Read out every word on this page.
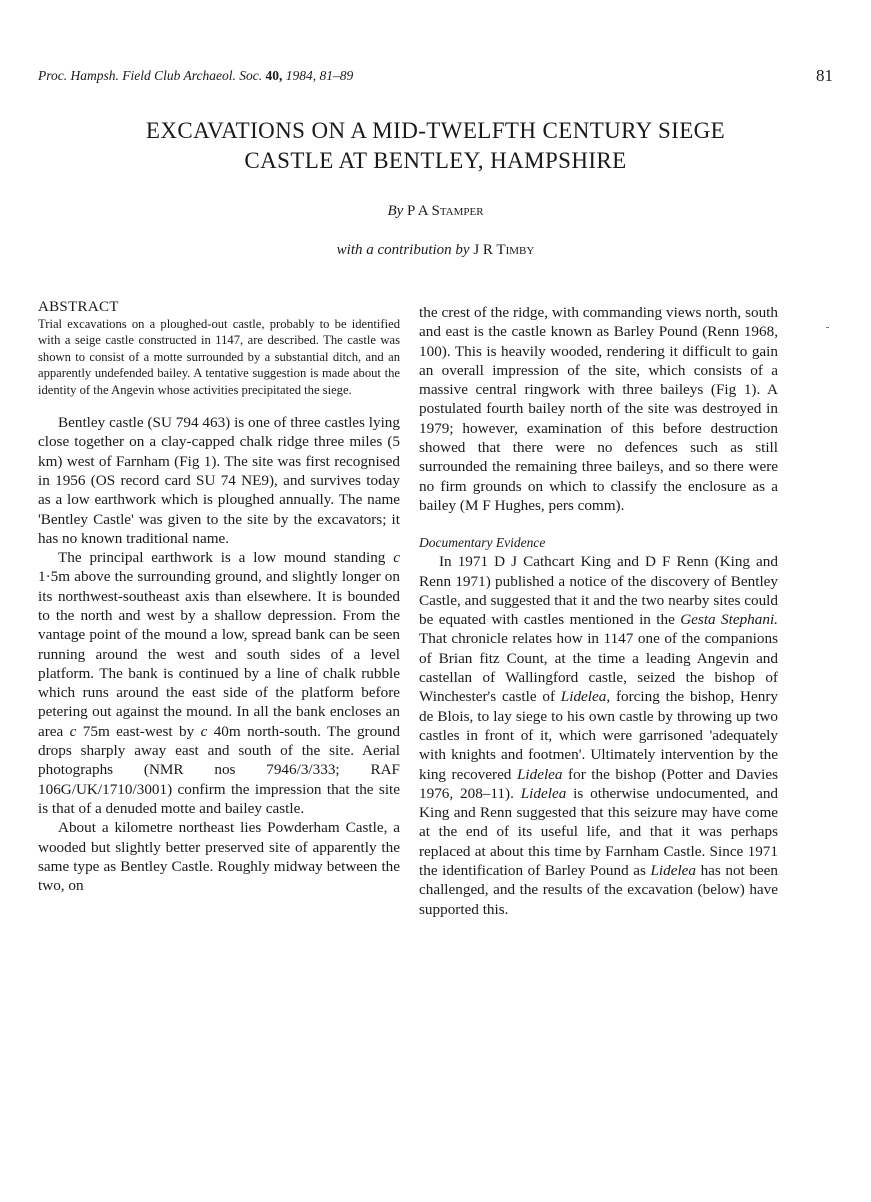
Proc. Hampsh. Field Club Archaeol. Soc. 40, 1984, 81–89	81
EXCAVATIONS ON A MID-TWELFTH CENTURY SIEGE
CASTLE AT BENTLEY, HAMPSHIRE
By P A Stamper
with a contribution by J R Timby
ABSTRACT

Trial excavations on a ploughed-out castle, probably to be identified with a seige castle constructed in 1147, are described. The castle was shown to consist of a motte surrounded by a substantial ditch, and an apparently undefended bailey. A tentative suggestion is made about the identity of the Angevin whose activities precipitated the siege.

Bentley castle (SU 794 463) is one of three castles lying close together on a clay-capped chalk ridge three miles (5 km) west of Farnham (Fig 1). The site was first recognised in 1956 (OS record card SU 74 NE9), and survives today as a low earthwork which is ploughed annually. The name 'Bentley Castle' was given to the site by the excavators; it has no known traditional name.

The principal earthwork is a low mound standing c 1·5m above the surrounding ground, and slightly longer on its northwest-southeast axis than elsewhere. It is bounded to the north and west by a shallow depression. From the vantage point of the mound a low, spread bank can be seen running around the west and south sides of a level platform. The bank is continued by a line of chalk rubble which runs around the east side of the platform before petering out against the mound. In all the bank encloses an area c 75m east-west by c 40m north-south. The ground drops sharply away east and south of the site. Aerial photographs (NMR nos 7946/3/333; RAF 106G/UK/1710/3001) confirm the impression that the site is that of a denuded motte and bailey castle.

About a kilometre northeast lies Powderham Castle, a wooded but slightly better preserved site of apparently the same type as Bentley Castle. Roughly midway between the two, on

the crest of the ridge, with commanding views north, south and east is the castle known as Barley Pound (Renn 1968, 100). This is heavily wooded, rendering it difficult to gain an overall impression of the site, which consists of a massive central ringwork with three baileys (Fig 1). A postulated fourth bailey north of the site was destroyed in 1979; however, examination of this before destruction showed that there were no defences such as still surrounded the remaining three baileys, and so there were no firm grounds on which to classify the enclosure as a bailey (M F Hughes, pers comm).

Documentary Evidence

In 1971 D J Cathcart King and D F Renn (King and Renn 1971) published a notice of the discovery of Bentley Castle, and suggested that it and the two nearby sites could be equated with castles mentioned in the Gesta Stephani. That chronicle relates how in 1147 one of the companions of Brian fitz Count, at the time a leading Angevin and castellan of Wallingford castle, seized the bishop of Winchester's castle of Lidelea, forcing the bishop, Henry de Blois, to lay siege to his own castle by throwing up two castles in front of it, which were garrisoned 'adequately with knights and footmen'. Ultimately intervention by the king recovered Lidelea for the bishop (Potter and Davies 1976, 208–11). Lidelea is otherwise undocumented, and King and Renn suggested that this seizure may have come at the end of its useful life, and that it was perhaps replaced at about this time by Farnham Castle. Since 1971 the identification of Barley Pound as Lidelea has not been challenged, and the results of the excavation (below) have supported this.
